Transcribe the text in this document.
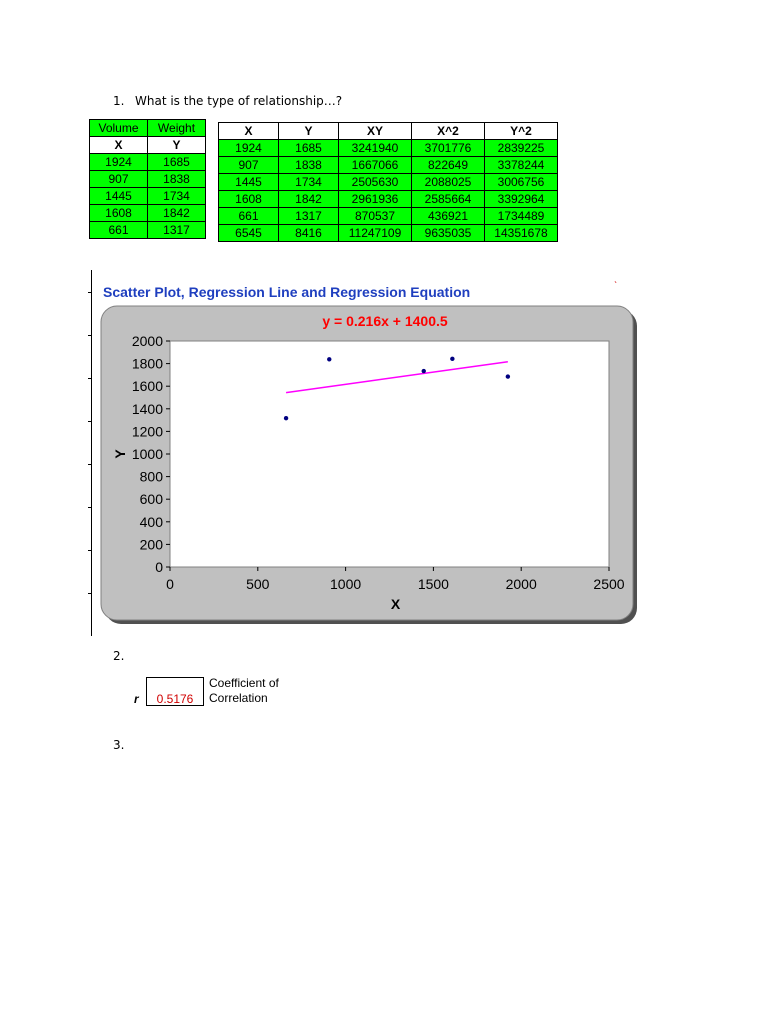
1. What is the type of relationship…?
Volume	Weight
X	Y
1924	1685
907	1838
1445	1734
1608	1842
661	1317
X	Y	XY	X^2	Y^2
1924	1685	3241940	3701776	2839225
907	1838	1667066	822649	3378244
1445	1734	2505630	2088025	3006756
1608	1842	2961936	2585664	3392964
661	1317	870537	436921	1734489
6545	8416	11247109	9635035	14351678
Scatter Plot, Regression Line and Regression Equation	ˋ
y = 0.216x + 1400.5
0
200
400
600
800
1000
1200
1400
1600
1800
2000
0	500	1000	1500	2000	2500
X
Y
2.
r	0.5176
Coefficient of
Correlation
3.
